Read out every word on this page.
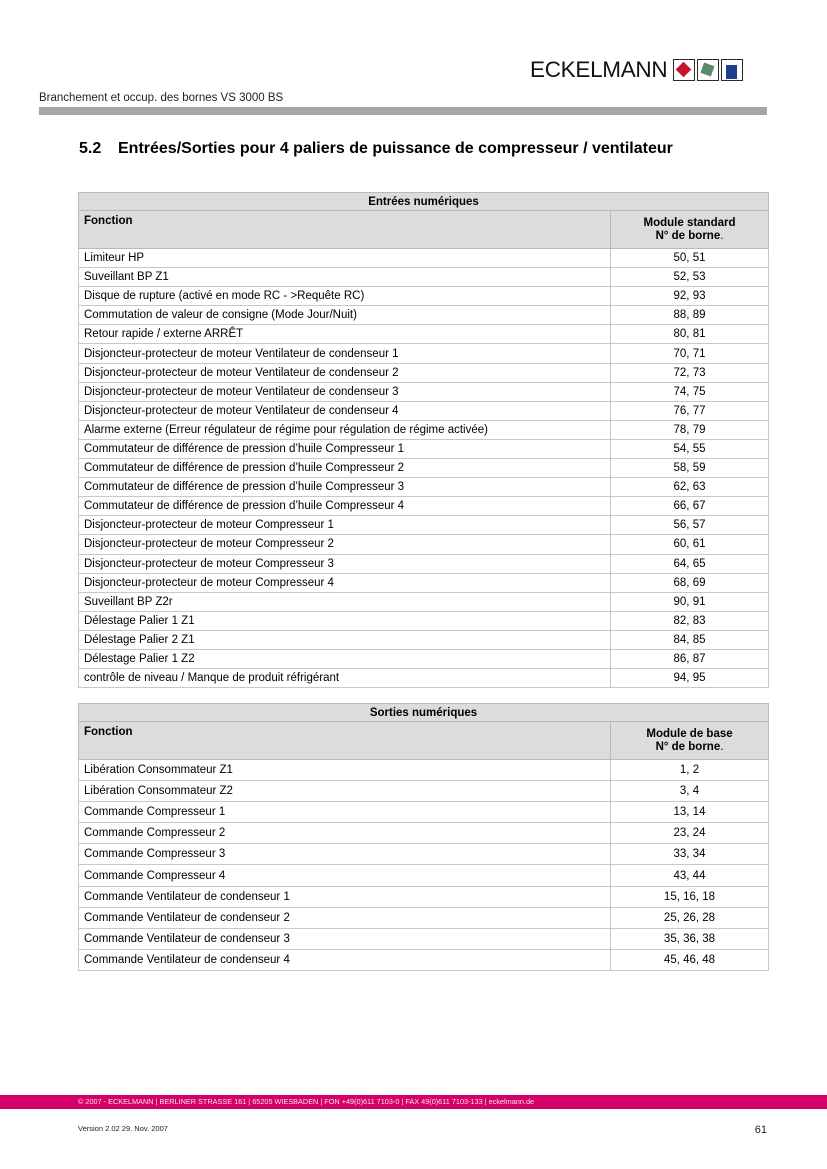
ECKELMANN
Branchement et occup. des bornes VS 3000 BS
5.2 Entrées/Sorties pour 4 paliers de puissance de compresseur / ventilateur
Entrées numériques	
Fonction	Module standard
N° de borne.
Limiteur HP	50, 51
Suveillant BP Z1	52, 53
Disque de rupture (activé en mode RC - >Requête RC)	92, 93
Commutation de valeur de consigne (Mode Jour/Nuit)	88, 89
Retour rapide / externe ARRÊT	80, 81
Disjoncteur-protecteur de moteur Ventilateur de condenseur 1	70, 71
Disjoncteur-protecteur de moteur Ventilateur de condenseur 2	72, 73
Disjoncteur-protecteur de moteur Ventilateur de condenseur 3	74, 75
Disjoncteur-protecteur de moteur Ventilateur de condenseur 4	76, 77
Alarme externe (Erreur régulateur de régime pour régulation de régime activée)	78, 79
Commutateur de différence de pression d’huile Compresseur 1	54, 55
Commutateur de différence de pression d’huile Compresseur 2	58, 59
Commutateur de différence de pression d’huile Compresseur 3	62, 63
Commutateur de différence de pression d’huile Compresseur 4	66, 67
Disjoncteur-protecteur de moteur Compresseur 1	56, 57
Disjoncteur-protecteur de moteur Compresseur 2	60, 61
Disjoncteur-protecteur de moteur Compresseur 3	64, 65
Disjoncteur-protecteur de moteur Compresseur 4	68, 69
Suveillant BP Z2r	90, 91
Délestage Palier 1 Z1	82, 83
Délestage Palier 2 Z1	84, 85
Délestage Palier 1 Z2	86, 87
contrôle de niveau / Manque de produit réfrigérant	94, 95
Sorties numériques	
Fonction	Module de base
N° de borne.
Libération Consommateur Z1	1, 2
Libération Consommateur Z2	3, 4
Commande Compresseur 1	13, 14
Commande Compresseur 2	23, 24
Commande Compresseur 3	33, 34
Commande Compresseur 4	43, 44
Commande Ventilateur de condenseur 1	15, 16, 18
Commande Ventilateur de condenseur 2	25, 26, 28
Commande Ventilateur de condenseur 3	35, 36, 38
Commande Ventilateur de condenseur 4	45, 46, 48
© 2007 - ECKELMANN | BERLINER STRASSE 161 | 65205 WIESBADEN | FON +49(0)611 7103-0 | FAX 49(0)611 7103-133 | eckelmann.de
Version 2.02 29. Nov. 2007	61
